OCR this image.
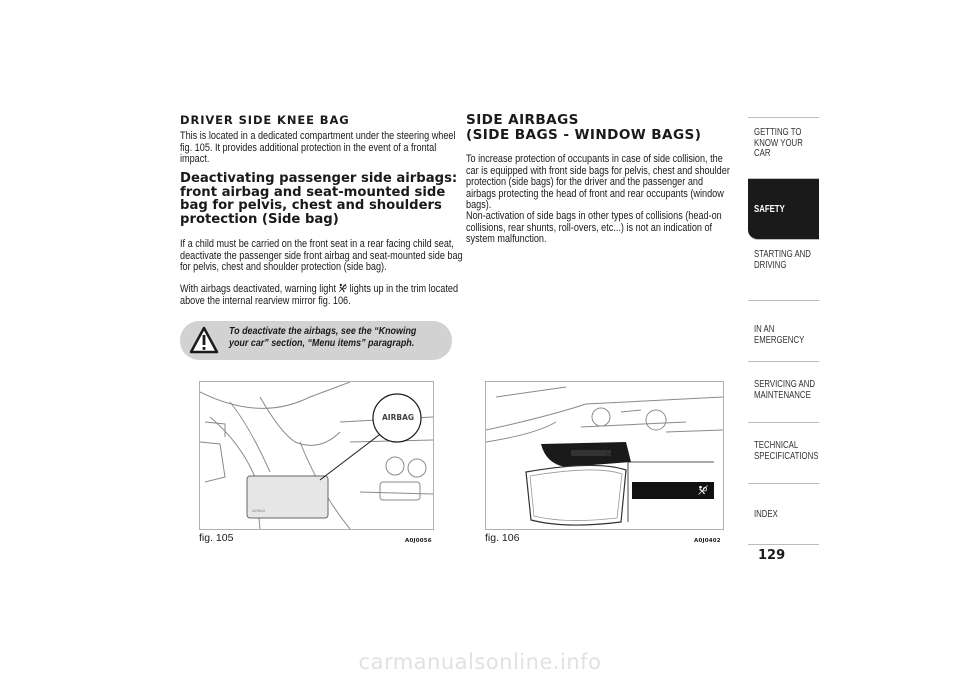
DRIVER SIDE KNEE BAG
This is located in a dedicated compartment under the steering wheel fig. 105. It provides additional protection in the event of a frontal impact.
Deactivating passenger side airbags: front airbag and seat-mounted side bag for pelvis, chest and shoulders protection (Side bag)
If a child must be carried on the front seat in a rear facing child seat, deactivate the passenger side front airbag and seat-mounted side bag for pelvis, chest and shoulder protection (side bag).
With airbags deactivated, warning light  lights up in the trim located above the internal rearview mirror fig. 106.
To deactivate the airbags, see the “Knowing your car” section, “Menu items” paragraph.
AIRBAG
AIRBAG
fig. 105	A0J0056
SIDE AIRBAGS
(SIDE BAGS - WINDOW BAGS)
To increase protection of occupants in case of side collision, the car is equipped with front side bags for pelvis, chest and shoulder protection (side bags) for the driver and the passenger and airbags protecting the head of front and rear occupants (window bags).
Non-activation of side bags in other types of collisions (head-on collisions, rear shunts, roll-overs, etc...) is not an indication of system malfunction.
fig. 106	A0J0402
GETTING TO KNOW YOUR CAR
SAFETY
STARTING AND DRIVING
IN AN EMERGENCY
SERVICING AND MAINTENANCE
TECHNICAL SPECIFICATIONS
INDEX
129
carmanualsonline.info
